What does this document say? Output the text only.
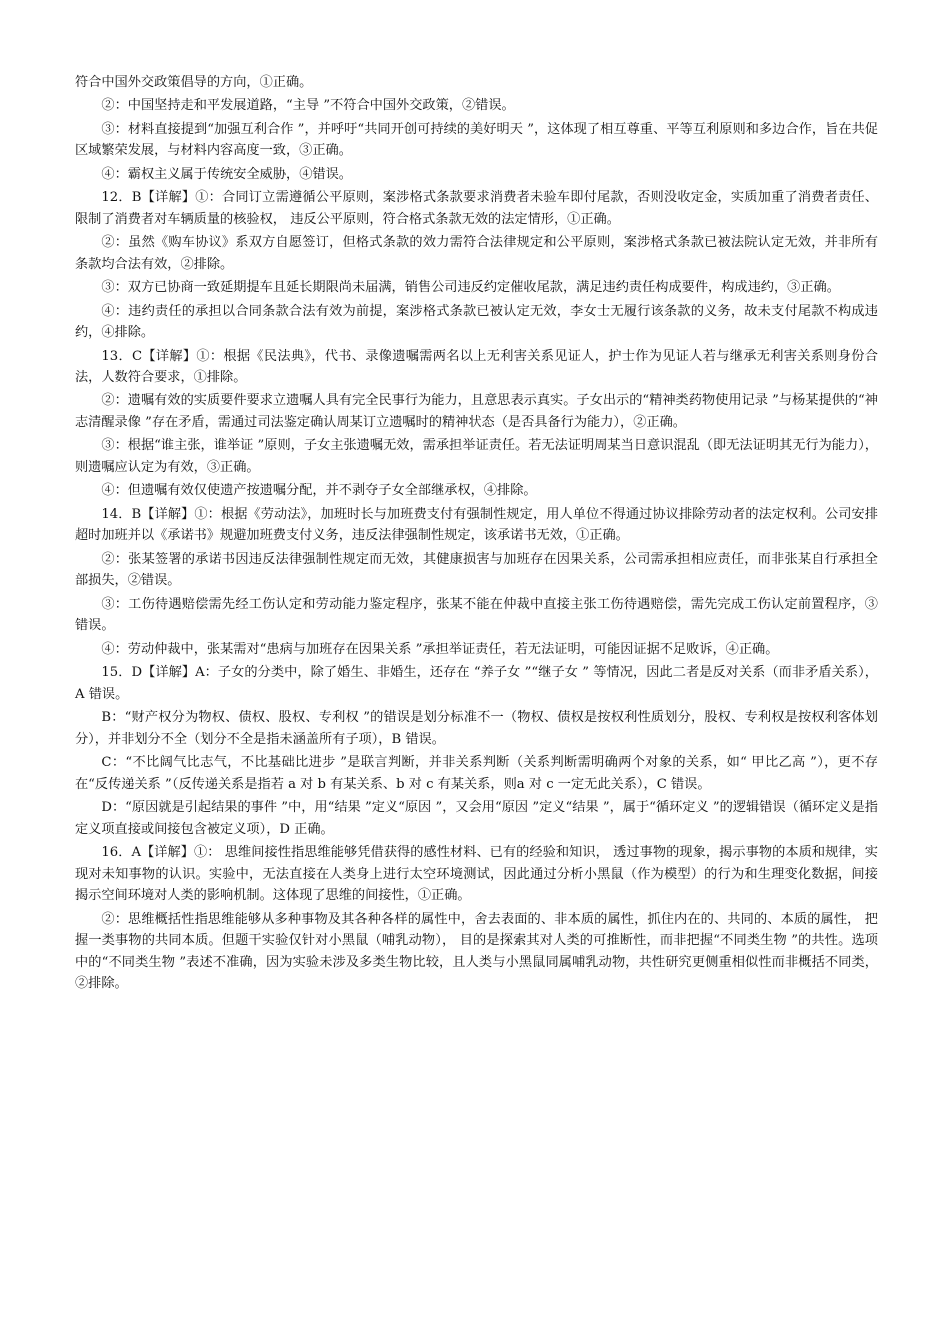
符合中国外交政策倡导的方向，①正确。

②：中国坚持走和平发展道路，“主导 ”不符合中国外交政策，②错误。

③：材料直接提到“加强互利合作 ”，并呼吁“共同开创可持续的美好明天 ”，这体现了相互尊重、平等互利原则和多边合作，旨在共促区域繁荣发展，与材料内容高度一致，③正确。

④：霸权主义属于传统安全威胁，④错误。

12．B【详解】①：合同订立需遵循公平原则，案涉格式条款要求消费者未验车即付尾款，否则没收定金，实质加重了消费者责任、限制了消费者对车辆质量的核验权， 违反公平原则，符合格式条款无效的法定情形，①正确。

②：虽然《购车协议》系双方自愿签订，但格式条款的效力需符合法律规定和公平原则，案涉格式条款已被法院认定无效，并非所有条款均合法有效，②排除。

③：双方已协商一致延期提车且延长期限尚未届满，销售公司违反约定催收尾款，满足违约责任构成要件，构成违约，③正确。

④：违约责任的承担以合同条款合法有效为前提，案涉格式条款已被认定无效，李女士无履行该条款的义务，故未支付尾款不构成违约，④排除。

13．C【详解】①：根据《民法典》，代书、录像遗嘱需两名以上无利害关系见证人，护士作为见证人若与继承无利害关系则身份合法，人数符合要求，①排除。

②：遗嘱有效的实质要件要求立遗嘱人具有完全民事行为能力，且意思表示真实。子女出示的“精神类药物使用记录 ”与杨某提供的“神志清醒录像 ”存在矛盾，需通过司法鉴定确认周某订立遗嘱时的精神状态（是否具备行为能力），②正确。

③：根据“谁主张，谁举证 ”原则，子女主张遗嘱无效，需承担举证责任。若无法证明周某当日意识混乱（即无法证明其无行为能力），则遗嘱应认定为有效，③正确。

④：但遗嘱有效仅使遗产按遗嘱分配，并不剥夺子女全部继承权，④排除。

14．B【详解】①：根据《劳动法》，加班时长与加班费支付有强制性规定，用人单位不得通过协议排除劳动者的法定权利。公司安排超时加班并以《承诺书》规避加班费支付义务，违反法律强制性规定，该承诺书无效，①正确。

②：张某签署的承诺书因违反法律强制性规定而无效，其健康损害与加班存在因果关系，公司需承担相应责任，而非张某自行承担全部损失，②错误。

③：工伤待遇赔偿需先经工伤认定和劳动能力鉴定程序，张某不能在仲裁中直接主张工伤待遇赔偿，需先完成工伤认定前置程序，③错误。

④：劳动仲裁中，张某需对“患病与加班存在因果关系 ”承担举证责任，若无法证明，可能因证据不足败诉，④正确。

15．D【详解】A：子女的分类中，除了婚生、非婚生，还存在 “养子女 ”“继子女 ” 等情况，因此二者是反对关系（而非矛盾关系），A 错误。

B：“财产权分为物权、债权、股权、专利权 ”的错误是划分标准不一（物权、债权是按权利性质划分，股权、专利权是按权利客体划分），并非划分不全（划分不全是指未涵盖所有子项），B 错误。

C：“不比阔气比志气，不比基础比进步 ”是联言判断，并非关系判断（关系判断需明确两个对象的关系，如“ 甲比乙高 ”），更不存在“反传递关系 ”（反传递关系是指若 a 对 b 有某关系、b 对 c 有某关系，则a 对 c 一定无此关系），C 错误。

D：“原因就是引起结果的事件 ”中，用“结果 ”定义“原因 ”，又会用“原因 ”定义“结果 ”，属于“循环定义 ”的逻辑错误（循环定义是指定义项直接或间接包含被定义项），D 正确。

16．A【详解】①： 思维间接性指思维能够凭借获得的感性材料、已有的经验和知识， 透过事物的现象，揭示事物的本质和规律，实现对未知事物的认识。实验中，无法直接在人类身上进行太空环境测试，因此通过分析小黑鼠（作为模型）的行为和生理变化数据，间接揭示空间环境对人类的影响机制。这体现了思维的间接性，①正确。

②：思维概括性指思维能够从多种事物及其各种各样的属性中，舍去表面的、非本质的属性，抓住内在的、共同的、本质的属性， 把握一类事物的共同本质。但题干实验仅针对小黑鼠（哺乳动物）， 目的是探索其对人类的可推断性，而非把握“不同类生物 ”的共性。选项中的“不同类生物 ”表述不准确，因为实验未涉及多类生物比较，且人类与小黑鼠同属哺乳动物，共性研究更侧重相似性而非概括不同类，②排除。
